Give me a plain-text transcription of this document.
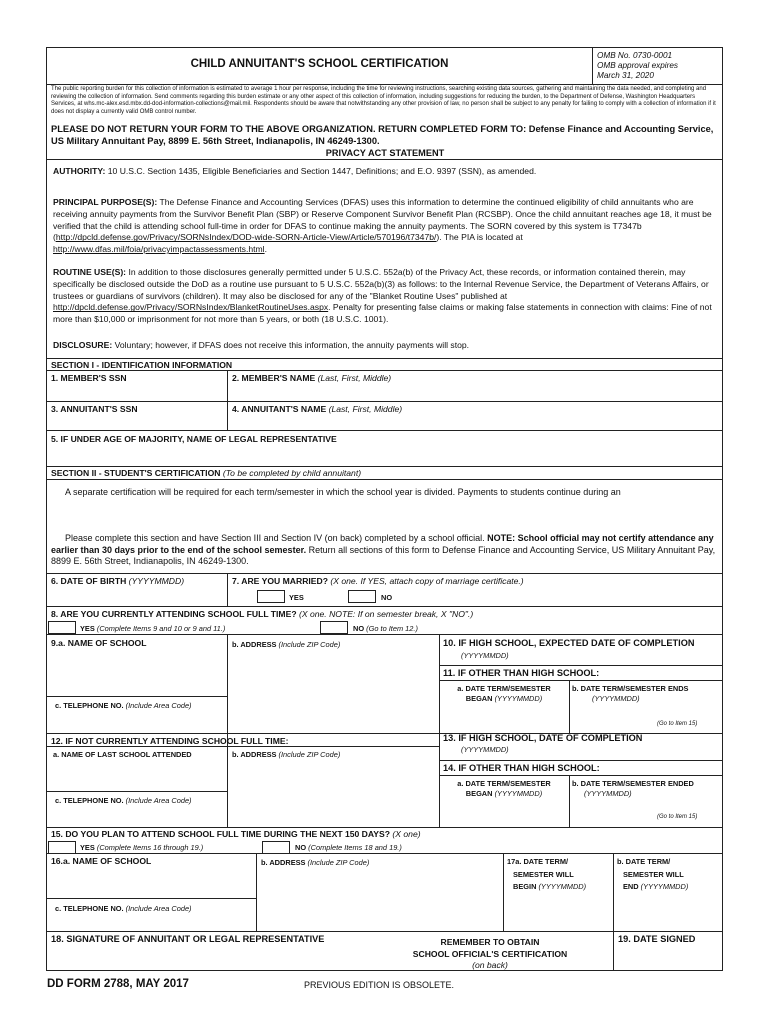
CHILD ANNUITANT'S SCHOOL CERTIFICATION
OMB No. 0730-0001
OMB approval expires
March 31, 2020
The public reporting burden for this collection of information is estimated to average 1 hour per response, including the time for reviewing instructions, searching existing data sources, gathering and maintaining the data needed, and completing and reviewing the collection of information. Send comments regarding this burden estimate or any other aspect of this collection of information, including suggestions for reducing the burden, to the Department of Defense, Washington Headquarters Services, at whs.mc-alex.esd.mbx.dd-dod-information-collections@mail.mil. Respondents should be aware that notwithstanding any other provision of law, no person shall be subject to any penalty for failing to comply with a collection of information if it does not display a currently valid OMB control number.
PLEASE DO NOT RETURN YOUR FORM TO THE ABOVE ORGANIZATION. RETURN COMPLETED FORM TO: Defense Finance and Accounting Service, US Military Annuitant Pay, 8899 E. 56th Street, Indianapolis, IN 46249-1300.
PRIVACY ACT STATEMENT
AUTHORITY: 10 U.S.C. Section 1435, Eligible Beneficiaries and Section 1447, Definitions; and E.O. 9397 (SSN), as amended.
PRINCIPAL PURPOSE(S): The Defense Finance and Accounting Services (DFAS) uses this information to determine the continued eligibility of child annuitants who are receiving annuity payments from the Survivor Benefit Plan (SBP) or Reserve Component Survivor Benefit Plan (RCSBP). Once the child annuitant reaches age 18, it must be verified that the child is attending school full-time in order for DFAS to continue making the annuity payments. The SORN covered by this system is T7347b (http://dpcld.defense.gov/Privacy/SORNsIndex/DOD-wide-SORN-Article-View/Article/570196/t7347b/). The PIA is located at http://www.dfas.mil/foia/privacyimpactassessments.html.
ROUTINE USE(S): In addition to those disclosures generally permitted under 5 U.S.C. 552a(b) of the Privacy Act, these records, or information contained therein, may specifically be disclosed outside the DoD as a routine use pursuant to 5 U.S.C. 552a(b)(3) as follows: to the Internal Revenue Service, the Department of Veterans Affairs, or trustees or guardians of survivors (children). It may also be disclosed for any of the "Blanket Routine Uses" published at http://dpcld.defense.gov/Privacy/SORNsIndex/BlanketRoutineUses.aspx. Penalty for presenting false claims or making false statements in connection with claims: Fine of not more than $10,000 or imprisonment for not more than 5 years, or both (18 U.S.C. 1001).
DISCLOSURE: Voluntary; however, if DFAS does not receive this information, the annuity payments will stop.
SECTION I - IDENTIFICATION INFORMATION
1. MEMBER'S SSN	2. MEMBER'S NAME (Last, First, Middle)
3. ANNUITANT'S SSN	4. ANNUITANT'S NAME (Last, First, Middle)
5. IF UNDER AGE OF MAJORITY, NAME OF LEGAL REPRESENTATIVE
SECTION II - STUDENT'S CERTIFICATION (To be completed by child annuitant)
A separate certification will be required for each term/semester in which the school year is divided. Payments to students continue during an
Please complete this section and have Section III and Section IV (on back) completed by a school official. NOTE: School official may not certify attendance any earlier than 30 days prior to the end of the school semester. Return all sections of this form to Defense Finance and Accounting Service, US Military Annuitant Pay, 8899 E. 56th Street, Indianapolis, IN 46249-1300.
6. DATE OF BIRTH (YYYYMMDD)	7. ARE YOU MARRIED? (X one. If YES, attach copy of marriage certificate.)
YES	NO
8. ARE YOU CURRENTLY ATTENDING SCHOOL FULL TIME? (X one. NOTE: If on semester break, X "NO".)
YES (Complete Items 9 and 10 or 9 and 11.)	NO (Go to Item 12.)
9.a. NAME OF SCHOOL	b. ADDRESS (Include ZIP Code)
c. TELEPHONE NO. (Include Area Code)
10. IF HIGH SCHOOL, EXPECTED DATE OF COMPLETION
(YYYYMMDD)
11. IF OTHER THAN HIGH SCHOOL:
a. DATE TERM/SEMESTER
BEGAN (YYYYMMDD)
b. DATE TERM/SEMESTER ENDS
(YYYYMMDD)
(Go to Item 15)
12. IF NOT CURRENTLY ATTENDING SCHOOL FULL TIME:
a. NAME OF LAST SCHOOL ATTENDED	b. ADDRESS (Include ZIP Code)
c. TELEPHONE NO. (Include Area Code)
13. IF HIGH SCHOOL, DATE OF COMPLETION
(YYYYMMDD)
14. IF OTHER THAN HIGH SCHOOL:
a. DATE TERM/SEMESTER
BEGAN (YYYYMMDD)
b. DATE TERM/SEMESTER ENDED
(YYYYMMDD)
(Go to Item 15)
15. DO YOU PLAN TO ATTEND SCHOOL FULL TIME DURING THE NEXT 150 DAYS? (X one)
YES (Complete Items 16 through 19.)	NO (Complete Items 18 and 19.)
16.a. NAME OF SCHOOL	b. ADDRESS (Include ZIP Code)
c. TELEPHONE NO. (Include Area Code)
17a. DATE TERM/
SEMESTER WILL
BEGIN (YYYYMMDD)
b. DATE TERM/
SEMESTER WILL
END (YYYYMMDD)
18. SIGNATURE OF ANNUITANT OR LEGAL REPRESENTATIVE	REMEMBER TO OBTAIN
SCHOOL OFFICIAL'S CERTIFICATION
(on back)
19. DATE SIGNED
DD FORM 2788, MAY 2017	PREVIOUS EDITION IS OBSOLETE.
